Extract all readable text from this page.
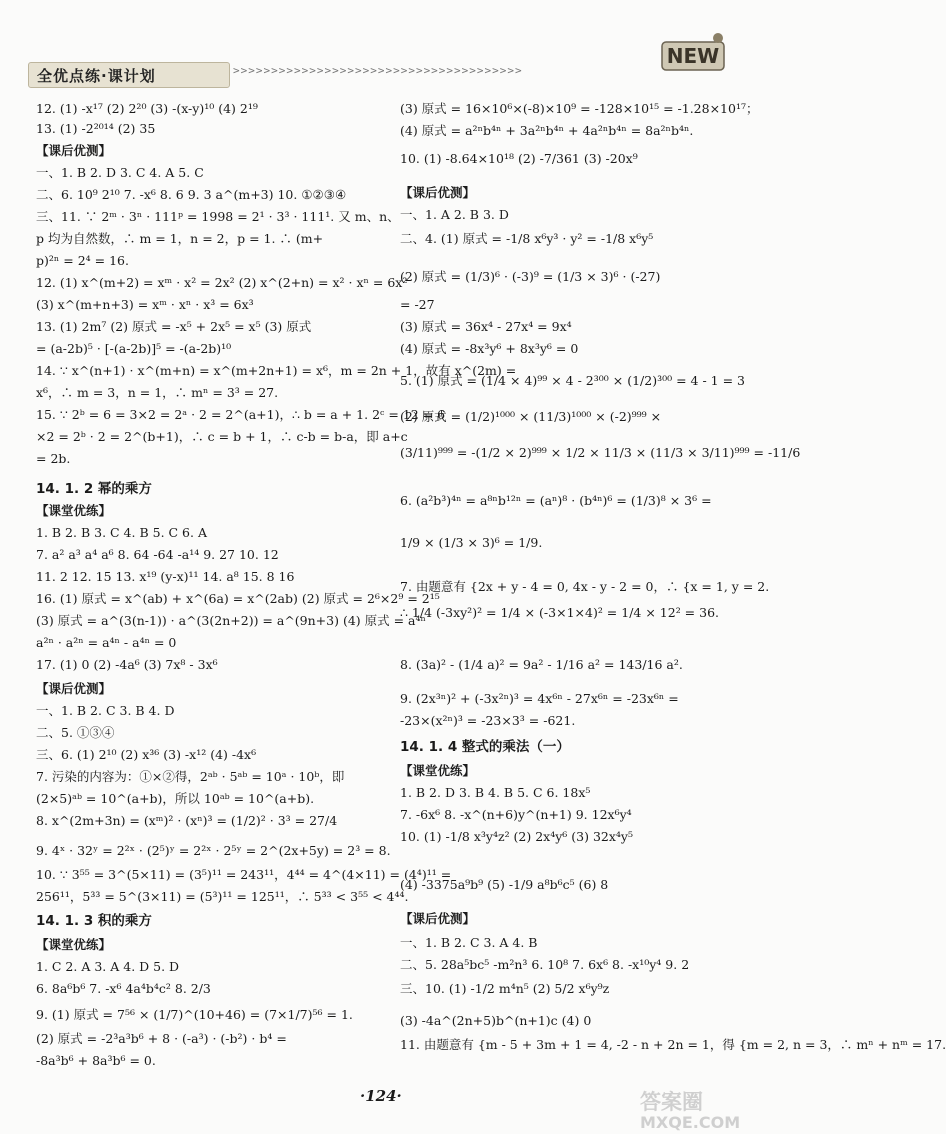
全优点练·课计划	>>>>>>>>>>>>>>>>>>>>>>>>>>>>>>>>>>>>>>
NEW
12. (1) -x¹⁷ (2) 2²⁰ (3) -(x-y)¹⁰ (4) 2¹⁹
13. (1) -2²⁰¹⁴ (2) 35
【课后优测】
一、1. B 2. D 3. C 4. A 5. C
二、6. 10⁹ 2¹⁰ 7. -x⁶ 8. 6 9. 3 a^(m+3) 10. ①②③④
三、11. ∵ 2ᵐ · 3ⁿ · 111ᵖ = 1998 = 2¹ · 3³ · 111¹. 又 m、n、
p 均为自然数，∴ m = 1，n = 2，p = 1. ∴ (m+
p)²ⁿ = 2⁴ = 16.
12. (1) x^(m+2) = xᵐ · x² = 2x² (2) x^(2+n) = x² · xⁿ = 6x²
(3) x^(m+n+3) = xᵐ · xⁿ · x³ = 6x³
13. (1) 2m⁷ (2) 原式 = -x⁵ + 2x⁵ = x⁵ (3) 原式
= (a-2b)⁵ · [-(a-2b)]⁵ = -(a-2b)¹⁰
14. ∵ x^(n+1) · x^(m+n) = x^(m+2n+1) = x⁶，m = 2n + 1，故有 x^(2m) =
x⁶，∴ m = 3，n = 1，∴ mⁿ = 3³ = 27.
15. ∵ 2ᵇ = 6 = 3×2 = 2ᵃ · 2 = 2^(a+1)，∴ b = a + 1. 2ᶜ = 12 = 6
×2 = 2ᵇ · 2 = 2^(b+1)，∴ c = b + 1，∴ c-b = b-a，即 a+c
= 2b.
14. 1. 2 幂的乘方
【课堂优练】
1. B 2. B 3. C 4. B 5. C 6. A
7. a² a³ a⁴ a⁶ 8. 64 -64 -a¹⁴ 9. 27 10. 12
11. 2 12. 15 13. x¹⁹ (y-x)¹¹ 14. a⁸ 15. 8 16
16. (1) 原式 = x^(ab) + x^(6a) = x^(2ab) (2) 原式 = 2⁶×2⁹ = 2¹⁵
(3) 原式 = a^(3(n-1)) · a^(3(2n+2)) = a^(9n+3) (4) 原式 = a⁴ⁿ
a²ⁿ · a²ⁿ = a⁴ⁿ - a⁴ⁿ = 0
17. (1) 0 (2) -4a⁶ (3) 7x⁸ - 3x⁶
【课后优测】
一、1. B 2. C 3. B 4. D
二、5. ①③④
三、6. (1) 2¹⁰ (2) x³⁶ (3) -x¹² (4) -4x⁶
7. 污染的内容为：①×②得，2ᵃᵇ · 5ᵃᵇ = 10ᵃ · 10ᵇ，即
(2×5)ᵃᵇ = 10^(a+b)，所以 10ᵃᵇ = 10^(a+b).
8. x^(2m+3n) = (xᵐ)² · (xⁿ)³ = (1/2)² · 3³ = 27/4
9. 4ˣ · 32ʸ = 2²ˣ · (2⁵)ʸ = 2²ˣ · 2⁵ʸ = 2^(2x+5y) = 2³ = 8.
10. ∵ 3⁵⁵ = 3^(5×11) = (3⁵)¹¹ = 243¹¹，4⁴⁴ = 4^(4×11) = (4⁴)¹¹ =
256¹¹，5³³ = 5^(3×11) = (5³)¹¹ = 125¹¹，∴ 5³³ < 3⁵⁵ < 4⁴⁴.
14. 1. 3 积的乘方
【课堂优练】
1. C 2. A 3. A 4. D 5. D
6. 8a⁶b⁶ 7. -x⁶ 4a⁴b⁴c² 8. 2/3
9. (1) 原式 = 7⁵⁶ × (1/7)^(10+46) = (7×1/7)⁵⁶ = 1.
(2) 原式 = -2³a³b⁶ + 8 · (-a³) · (-b²) · b⁴ =
-8a³b⁶ + 8a³b⁶ = 0.
(3) 原式 = 16×10⁶×(-8)×10⁹ = -128×10¹⁵ = -1.28×10¹⁷；
(4) 原式 = a²ⁿb⁴ⁿ + 3a²ⁿb⁴ⁿ + 4a²ⁿb⁴ⁿ = 8a²ⁿb⁴ⁿ.
10. (1) -8.64×10¹⁸ (2) -7/361 (3) -20x⁹
【课后优测】
一、1. A 2. B 3. D
二、4. (1) 原式 = -1/8 x⁶y³ · y² = -1/8 x⁶y⁵
(2) 原式 = (1/3)⁶ · (-3)⁹ = (1/3 × 3)⁶ · (-27)
= -27
(3) 原式 = 36x⁴ - 27x⁴ = 9x⁴
(4) 原式 = -8x³y⁶ + 8x³y⁶ = 0
5. (1) 原式 = (1/4 × 4)⁹⁹ × 4 - 2³⁰⁰ × (1/2)³⁰⁰ = 4 - 1 = 3
(2) 原式 = (1/2)¹⁰⁰⁰ × (11/3)¹⁰⁰⁰ × (-2)⁹⁹⁹ ×
(3/11)⁹⁹⁹ = -(1/2 × 2)⁹⁹⁹ × 1/2 × 11/3 × (11/3 × 3/11)⁹⁹⁹ = -11/6
6. (a²b³)⁴ⁿ = a⁸ⁿb¹²ⁿ = (aⁿ)⁸ · (b⁴ⁿ)⁶ = (1/3)⁸ × 3⁶ =
1/9 × (1/3 × 3)⁶ = 1/9.
7. 由题意有 {2x + y - 4 = 0, 4x - y - 2 = 0，∴ {x = 1, y = 2.
∴ 1/4 (-3xy²)² = 1/4 × (-3×1×4)² = 1/4 × 12² = 36.
8. (3a)² - (1/4 a)² = 9a² - 1/16 a² = 143/16 a².
9. (2x³ⁿ)² + (-3x²ⁿ)³ = 4x⁶ⁿ - 27x⁶ⁿ = -23x⁶ⁿ =
-23×(x²ⁿ)³ = -23×3³ = -621.
14. 1. 4 整式的乘法（一）
【课堂优练】
1. B 2. D 3. B 4. B 5. C 6. 18x⁵
7. -6x⁶ 8. -x^(n+6)y^(n+1) 9. 12x⁶y⁴
10. (1) -1/8 x³y⁴z² (2) 2x⁴y⁶ (3) 32x⁴y⁵
(4) -3375a⁹b⁹ (5) -1/9 a⁸b⁶c⁵ (6) 8
【课后优测】
一、1. B 2. C 3. A 4. B
二、5. 28a⁵bc⁵ -m²n³ 6. 10⁸ 7. 6x⁶ 8. -x¹⁰y⁴ 9. 2
三、10. (1) -1/2 m⁴n⁵ (2) 5/2 x⁶y⁹z
(3) -4a^(2n+5)b^(n+1)c (4) 0
11. 由题意有 {m - 5 + 3m + 1 = 4, -2 - n + 2n = 1，得 {m = 2, n = 3，∴ mⁿ + nᵐ = 17.
·124·	答案圈
MXQE.COM
